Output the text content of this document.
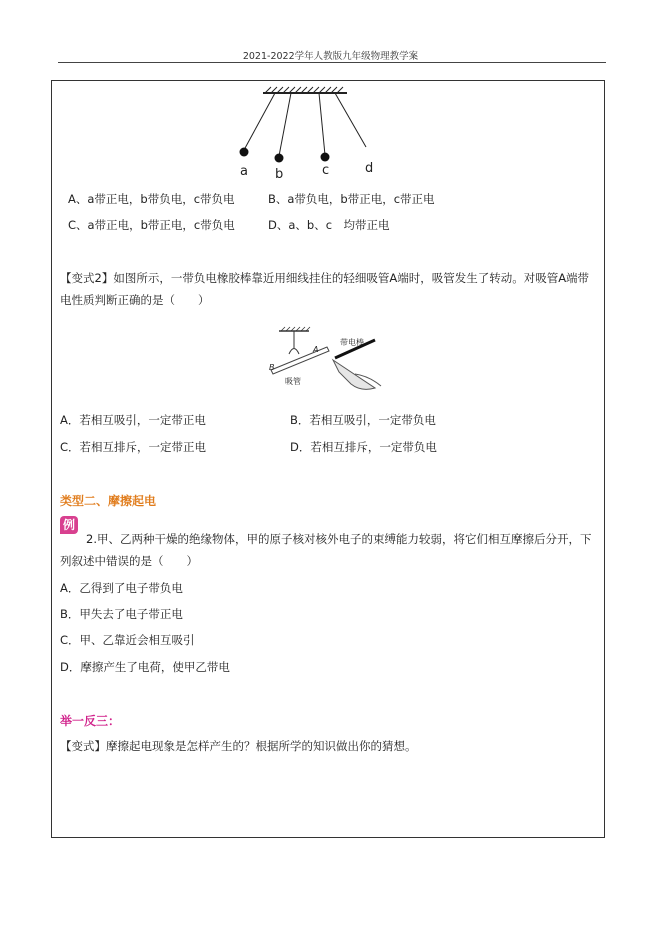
2021-2022学年人教版九年级物理教学案
a b	c	d
A、a带正电，b带负电，c带负电	B、a带负电，b带正电，c带正电
C、a带正电，b带正电，c带负电	D、a、b、c　均带正电
【变式2】如图所示，一带负电橡胶棒靠近用细线挂住的轻细吸管A端时，吸管发生了转动。对吸管A端带电性质判断正确的是（　　）
B
A
吸管
带电棒
A．若相互吸引，一定带正电	B．若相互吸引，一定带负电
C．若相互排斥，一定带正电	D．若相互排斥，一定带负电
类型二、摩擦起电
例
2.甲、乙两种干燥的绝缘物体，甲的原子核对核外电子的束缚能力较弱，将它们相互摩擦后分开，下列叙述中错误的是（　　）
A．乙得到了电子带负电
B．甲失去了电子带正电
C．甲、乙靠近会相互吸引
D．摩擦产生了电荷，使甲乙带电
举一反三：
【变式】摩擦起电现象是怎样产生的？根据所学的知识做出你的猜想。
